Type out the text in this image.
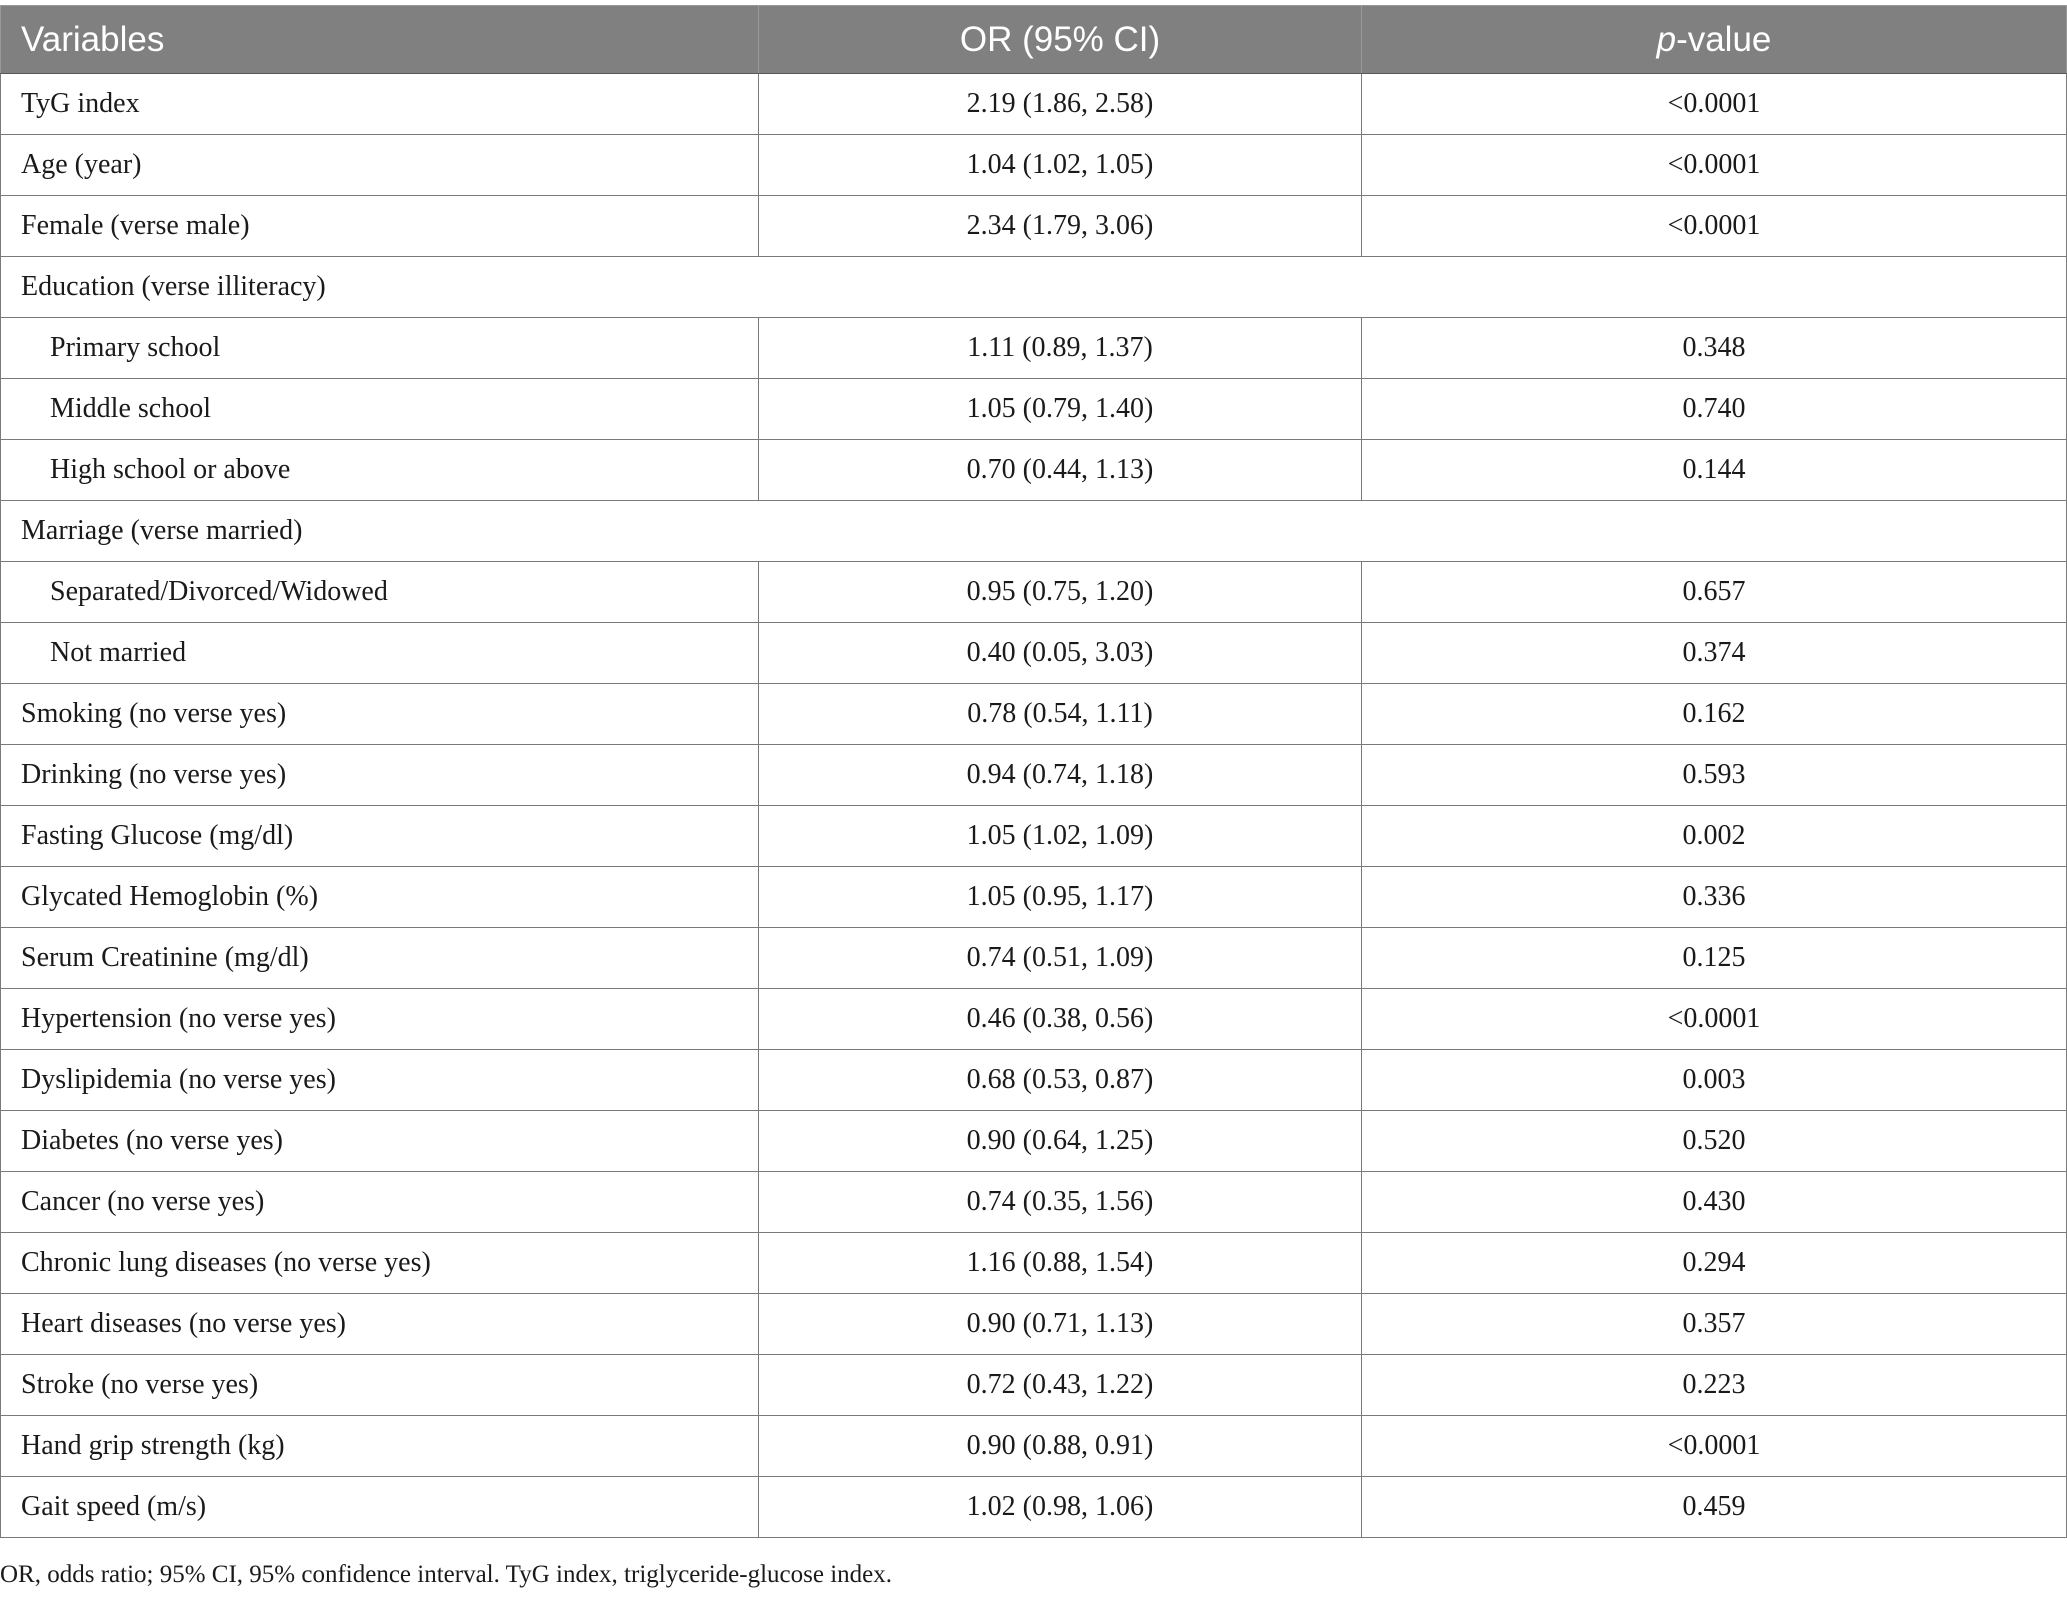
Variables	OR (95% CI)	p-value
TyG index	2.19 (1.86, 2.58)	<0.0001
Age (year)	1.04 (1.02, 1.05)	<0.0001
Female (verse male)	2.34 (1.79, 3.06)	<0.0001
Education (verse illiteracy)		
Primary school	1.11 (0.89, 1.37)	0.348
Middle school	1.05 (0.79, 1.40)	0.740
High school or above	0.70 (0.44, 1.13)	0.144
Marriage (verse married)		
Separated/Divorced/Widowed	0.95 (0.75, 1.20)	0.657
Not married	0.40 (0.05, 3.03)	0.374
Smoking (no verse yes)	0.78 (0.54, 1.11)	0.162
Drinking (no verse yes)	0.94 (0.74, 1.18)	0.593
Fasting Glucose (mg/dl)	1.05 (1.02, 1.09)	0.002
Glycated Hemoglobin (%)	1.05 (0.95, 1.17)	0.336
Serum Creatinine (mg/dl)	0.74 (0.51, 1.09)	0.125
Hypertension (no verse yes)	0.46 (0.38, 0.56)	<0.0001
Dyslipidemia (no verse yes)	0.68 (0.53, 0.87)	0.003
Diabetes (no verse yes)	0.90 (0.64, 1.25)	0.520
Cancer (no verse yes)	0.74 (0.35, 1.56)	0.430
Chronic lung diseases (no verse yes)	1.16 (0.88, 1.54)	0.294
Heart diseases (no verse yes)	0.90 (0.71, 1.13)	0.357
Stroke (no verse yes)	0.72 (0.43, 1.22)	0.223
Hand grip strength (kg)	0.90 (0.88, 0.91)	<0.0001
Gait speed (m/s)	1.02 (0.98, 1.06)	0.459
OR, odds ratio; 95% CI, 95% confidence interval. TyG index, triglyceride-glucose index.
